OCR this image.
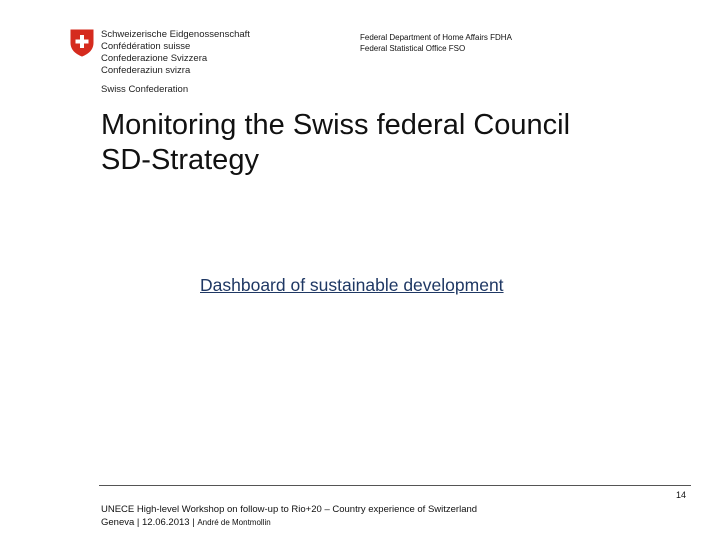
Schweizerische Eidgenossenschaft
Confédération suisse
Confederazione Svizzera
Confederaziun svizra
Swiss Confederation
Federal Department of Home Affairs FDHA
Federal Statistical Office FSO
Monitoring the Swiss federal Council
SD-Strategy
Dashboard of sustainable development
14
UNECE High-level Workshop on follow-up to Rio+20 – Country experience of Switzerland
Geneva | 12.06.2013 | André de Montmollin
